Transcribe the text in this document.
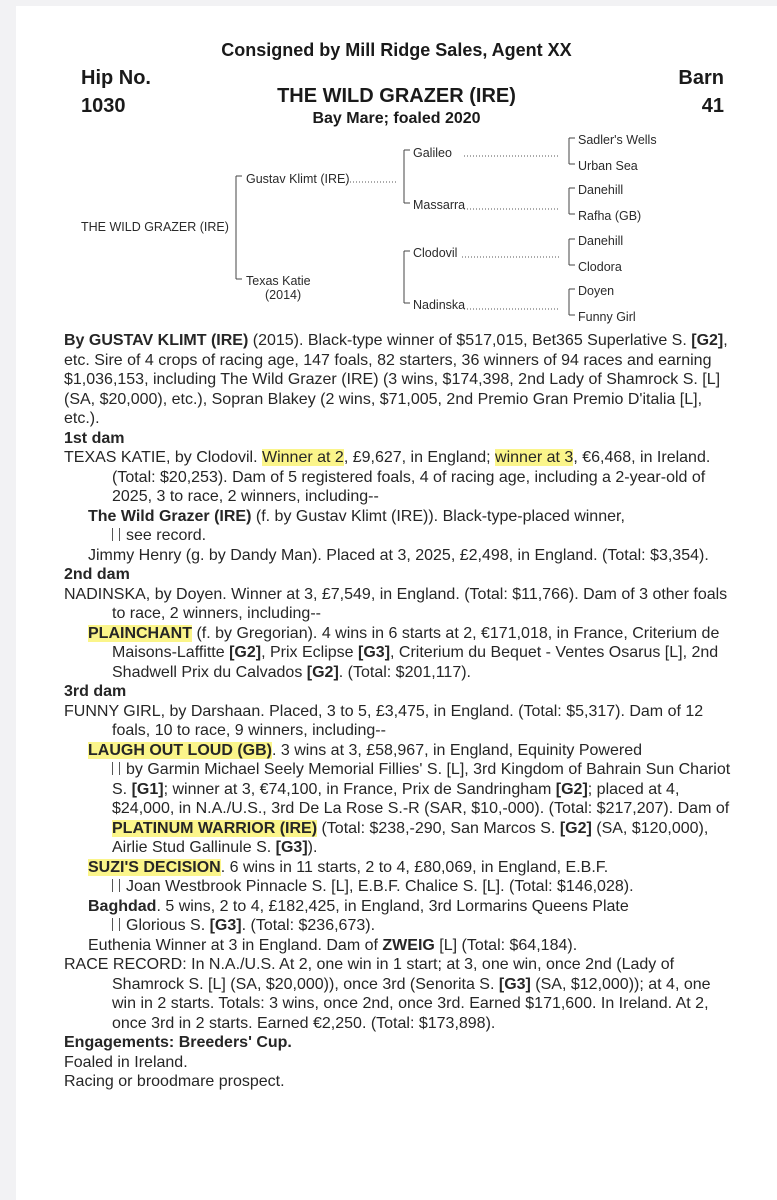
Consigned by Mill Ridge Sales, Agent XX
Hip No.
1030
Barn
41
THE WILD GRAZER (IRE)
Bay Mare; foaled 2020
THE WILD GRAZER (IRE)
Gustav Klimt (IRE)
Texas Katie
(2014)
Galileo
Massarra
Clodovil
Nadinska
Sadler's Wells
Urban Sea
Danehill
Rafha (GB)
Danehill
Clodora
Doyen
Funny Girl

By GUSTAV KLIMT (IRE) (2015). Black-type winner of $517,015, Bet365 Superlative S. [G2], etc. Sire of 4 crops of racing age, 147 foals, 82 starters, 36 winners of 94 races and earning $1,036,153, including The Wild Grazer (IRE) (3 wins, $174,398, 2nd Lady of Shamrock S. [L] (SA, $20,000), etc.), Sopran Blakey (2 wins, $71,005, 2nd Premio Gran Premio D'italia [L], etc.).

1st dam

TEXAS KATIE, by Clodovil. Winner at 2, £9,627, in England; winner at 3, €6,468, in Ireland. (Total: $20,253). Dam of 5 registered foals, 4 of racing age, including a 2-year-old of 2025, 3 to race, 2 winners, including--

The Wild Grazer (IRE) (f. by Gustav Klimt (IRE)). Black-type-placed winner,
see record.

Jimmy Henry (g. by Dandy Man). Placed at 3, 2025, £2,498, in England. (Total: $3,354).

2nd dam

NADINSKA, by Doyen. Winner at 3, £7,549, in England. (Total: $11,766). Dam of 3 other foals to race, 2 winners, including--

PLAINCHANT (f. by Gregorian). 4 wins in 6 starts at 2, €171,018, in France, Criterium de Maisons-Laffitte [G2], Prix Eclipse [G3], Criterium du Bequet - Ventes Osarus [L], 2nd Shadwell Prix du Calvados [G2]. (Total: $201,117).

3rd dam

FUNNY GIRL, by Darshaan. Placed, 3 to 5, £3,475, in England. (Total: $5,317). Dam of 12 foals, 10 to race, 9 winners, including--

LAUGH OUT LOUD (GB). 3 wins at 3, £58,967, in England, Equinity Powered
by Garmin Michael Seely Memorial Fillies' S. [L], 3rd Kingdom of Bahrain Sun Chariot S. [G1]; winner at 3, €74,100, in France, Prix de Sandringham [G2]; placed at 4, $24,000, in N.A./U.S., 3rd De La Rose S.-R (SAR, $10,-000). (Total: $217,207). Dam of PLATINUM WARRIOR (IRE) (Total: $238,-290, San Marcos S. [G2] (SA, $120,000), Airlie Stud Gallinule S. [G3]).

SUZI'S DECISION. 6 wins in 11 starts, 2 to 4, £80,069, in England, E.B.F.
Joan Westbrook Pinnacle S. [L], E.B.F. Chalice S. [L]. (Total: $146,028).

Baghdad. 5 wins, 2 to 4, £182,425, in England, 3rd Lormarins Queens Plate
Glorious S. [G3]. (Total: $236,673).

Euthenia Winner at 3 in England. Dam of ZWEIG [L] (Total: $64,184).

RACE RECORD: In N.A./U.S. At 2, one win in 1 start; at 3, one win, once 2nd (Lady of Shamrock S. [L] (SA, $20,000)), once 3rd (Senorita S. [G3] (SA, $12,000)); at 4, one win in 2 starts. Totals: 3 wins, once 2nd, once 3rd. Earned $171,600. In Ireland. At 2, once 3rd in 2 starts. Earned €2,250. (Total: $173,898).

Engagements: Breeders' Cup.

Foaled in Ireland.

Racing or broodmare prospect.
